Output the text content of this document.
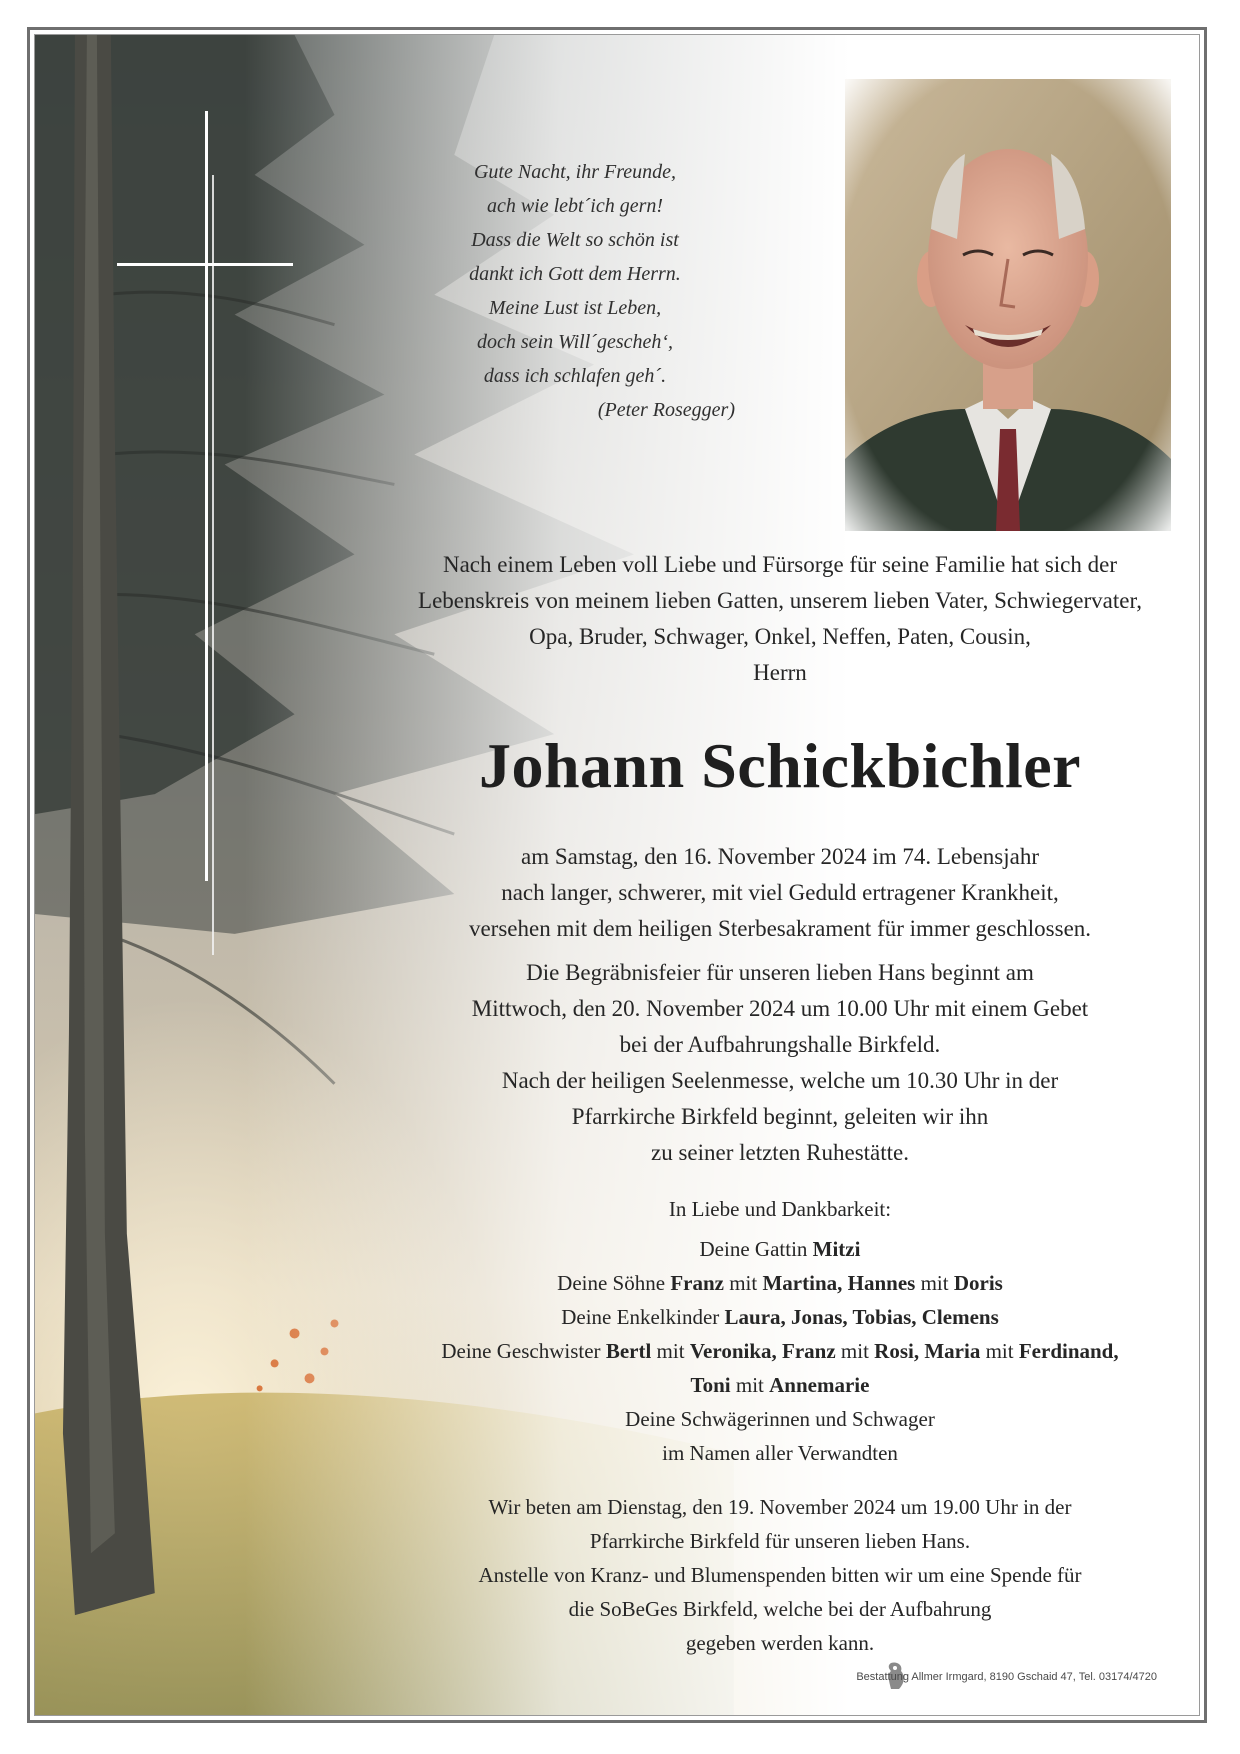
Gute Nacht, ihr Freunde,
ach wie lebt´ich gern!
Dass die Welt so schön ist
dankt ich Gott dem Herrn.
Meine Lust ist Leben,
doch sein Will´gescheh‘,
dass ich schlafen geh´.
(Peter Rosegger)
Nach einem Leben voll Liebe und Fürsorge für seine Familie hat sich der
Lebenskreis von meinem lieben Gatten, unserem lieben Vater, Schwiegervater,
Opa, Bruder, Schwager, Onkel, Neffen, Paten, Cousin,
Herrn
Johann Schickbichler
am Samstag, den 16. November 2024 im 74. Lebensjahr
nach langer, schwerer, mit viel Geduld ertragener Krankheit,
versehen mit dem heiligen Sterbesakrament für immer geschlossen.
Die Begräbnisfeier für unseren lieben Hans beginnt am
Mittwoch, den 20. November 2024 um 10.00 Uhr mit einem Gebet
bei der Aufbahrungshalle Birkfeld.
Nach der heiligen Seelenmesse, welche um 10.30 Uhr in der
Pfarrkirche Birkfeld beginnt, geleiten wir ihn
zu seiner letzten Ruhestätte.
In Liebe und Dankbarkeit:
Deine Gattin Mitzi
Deine Söhne Franz mit Martina, Hannes mit Doris
Deine Enkelkinder Laura, Jonas, Tobias, Clemens
Deine Geschwister Bertl mit Veronika, Franz mit Rosi, Maria mit Ferdinand,
Toni mit Annemarie
Deine Schwägerinnen und Schwager
im Namen aller Verwandten
Wir beten am Dienstag, den 19. November 2024 um 19.00 Uhr in der
Pfarrkirche Birkfeld für unseren lieben Hans.
Anstelle von Kranz- und Blumenspenden bitten wir um eine Spende für
die SoBeGes Birkfeld, welche bei der Aufbahrung
gegeben werden kann.
Bestattung Allmer Irmgard, 8190 Gschaid 47, Tel. 03174/4720
